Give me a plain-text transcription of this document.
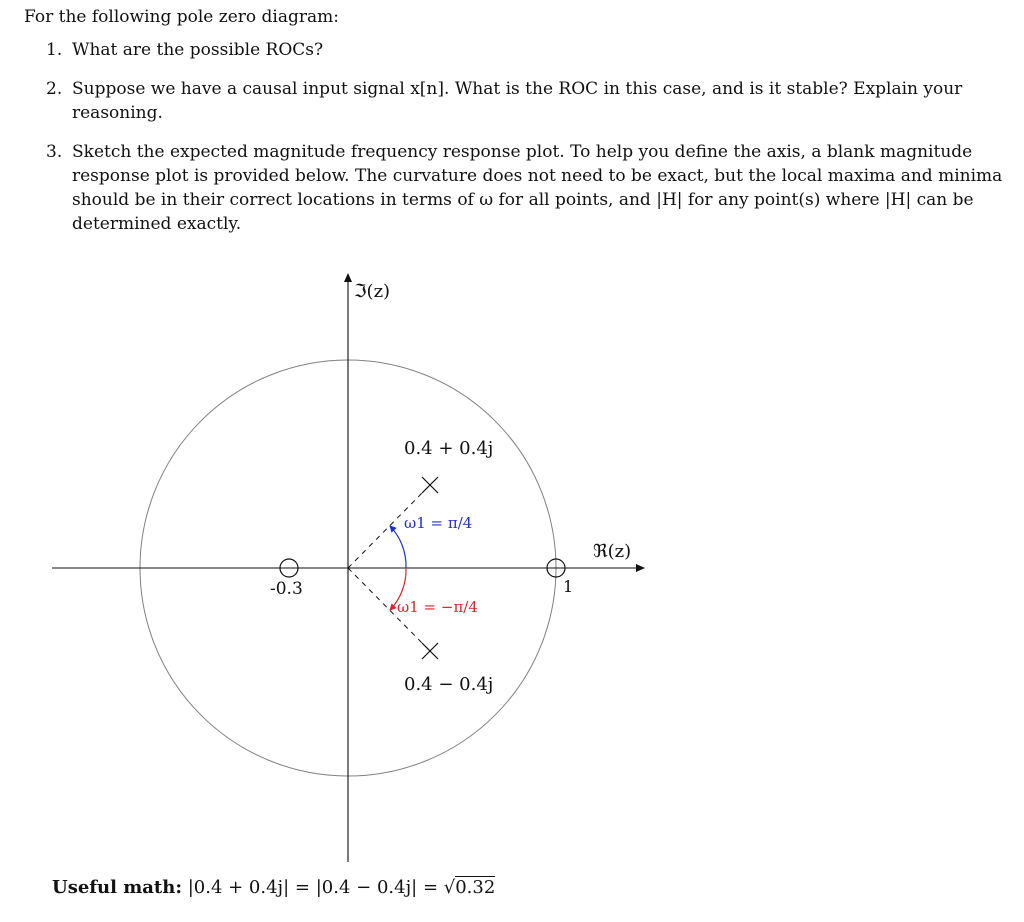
For the following pole zero diagram:
1. What are the possible ROCs?
2. Suppose we have a causal input signal x[n]. What is the ROC in this case, and is it stable? Explain your reasoning.
3. Sketch the expected magnitude frequency response plot. To help you define the axis, a blank magnitude response plot is provided below. The curvature does not need to be exact, but the local maxima and minima should be in their correct locations in terms of ω for all points, and |H| for any point(s) where |H| can be determined exactly.
ℑ(z)
ℜ(z)
0.4 + 0.4j
0.4 − 0.4j
-0.3	1
ω1 = π/4
ω1 = −π/4
Useful math: |0.4 + 0.4j| = |0.4 − 0.4j| = √0.32
